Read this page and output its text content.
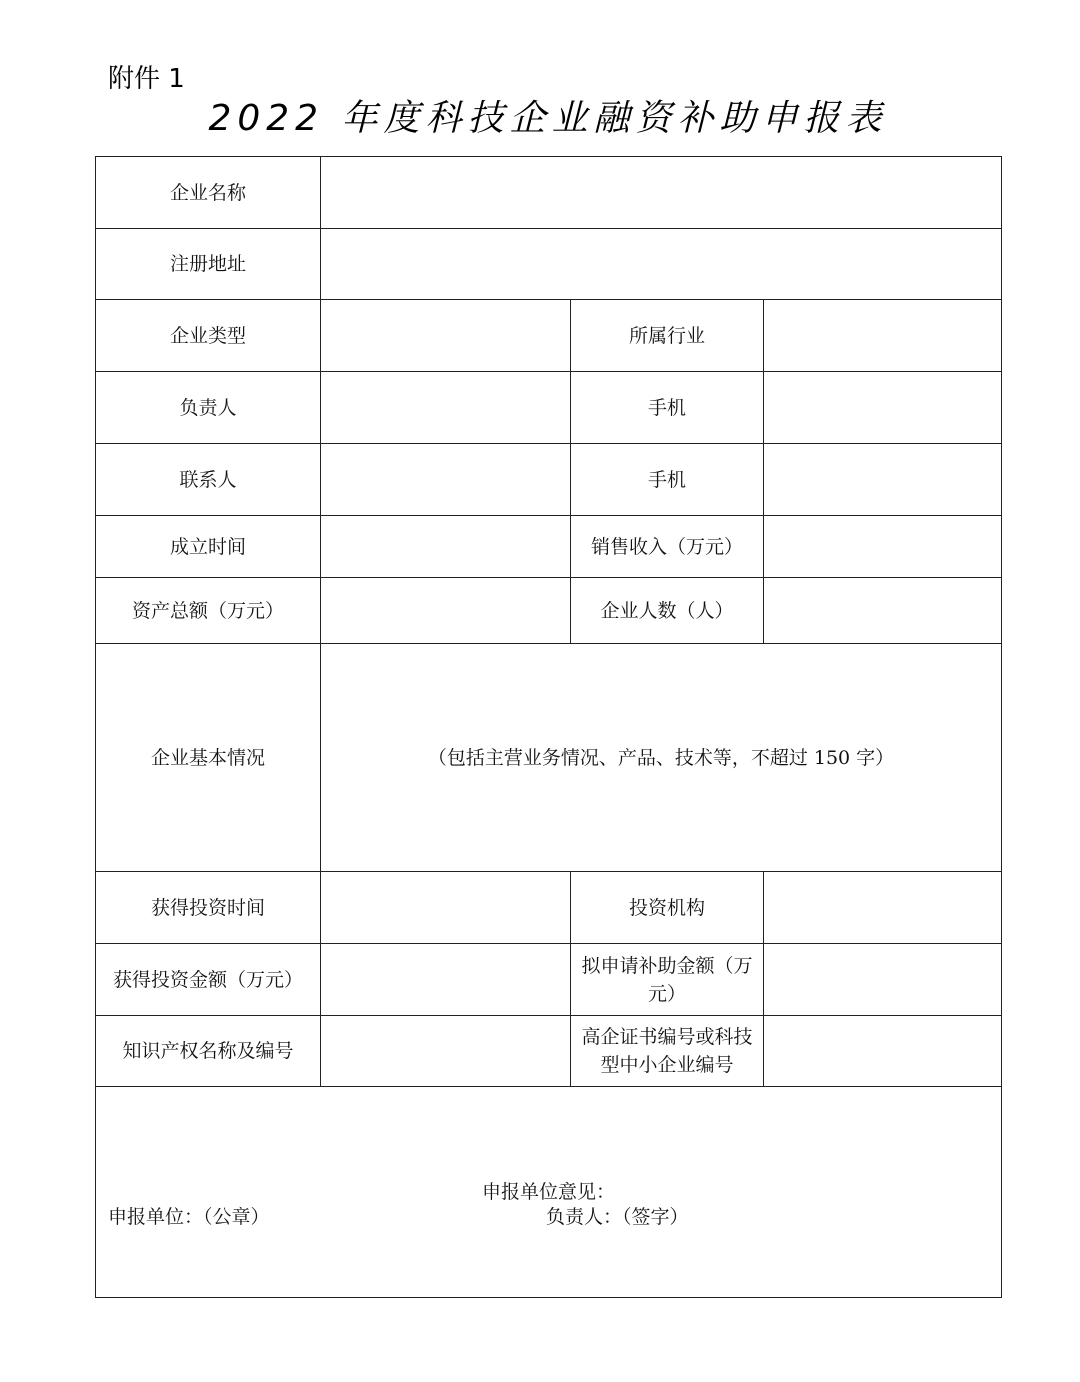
附件 1
2022 年度科技企业融资补助申报表
企业名称			
注册地址			
企业类型		所属行业	
负责人		手机	
联系人		手机	
成立时间		销售收入（万元）	
资产总额（万元）		企业人数（人）	
企业基本情况	（包括主营业务情况、产品、技术等，不超过 150 字）		
获得投资时间		投资机构	
获得投资金额（万元）		拟申请补助金额（万元）	
知识产权名称及编号		高企证书编号或科技型中小企业编号	

申报单位意见：
申报单位：（公章） 负责人：（签字）			
